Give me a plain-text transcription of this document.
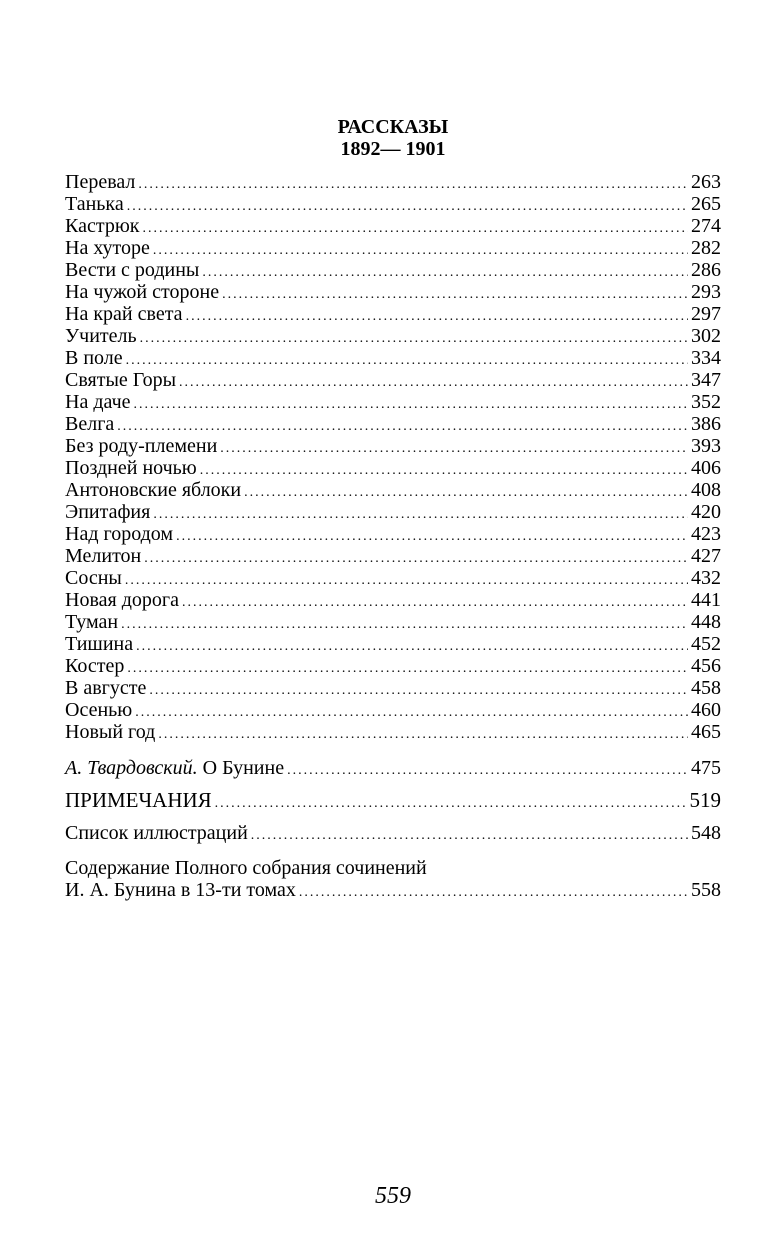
РАССКАЗЫ
1892— 1901
Перевал .....	263
Танька .....	265
Кастрюк .....	274
На хуторе .....	282
Вести с родины .....	286
На чужой стороне .....	293
На край света .....	297
Учитель .....	302
В поле .....	334
Святые Горы .....	347
На даче .....	352
Велга .....	386
Без роду-племени .....	393
Поздней ночью .....	406
Антоновские яблоки .....	408
Эпитафия .....	420
Над городом .....	423
Мелитон .....	427
Сосны .....	432
Новая дорога .....	441
Туман .....	448
Тишина .....	452
Костер .....	456
В августе .....	458
Осенью .....	460
Новый год .....	465
А. Твардовский. О Бунине .....	475
ПРИМЕЧАНИЯ .....	519
Список иллюстраций .....	548
Содержание Полного собрания сочинений
И. А. Бунина в 13-ти томах .....	558
559
